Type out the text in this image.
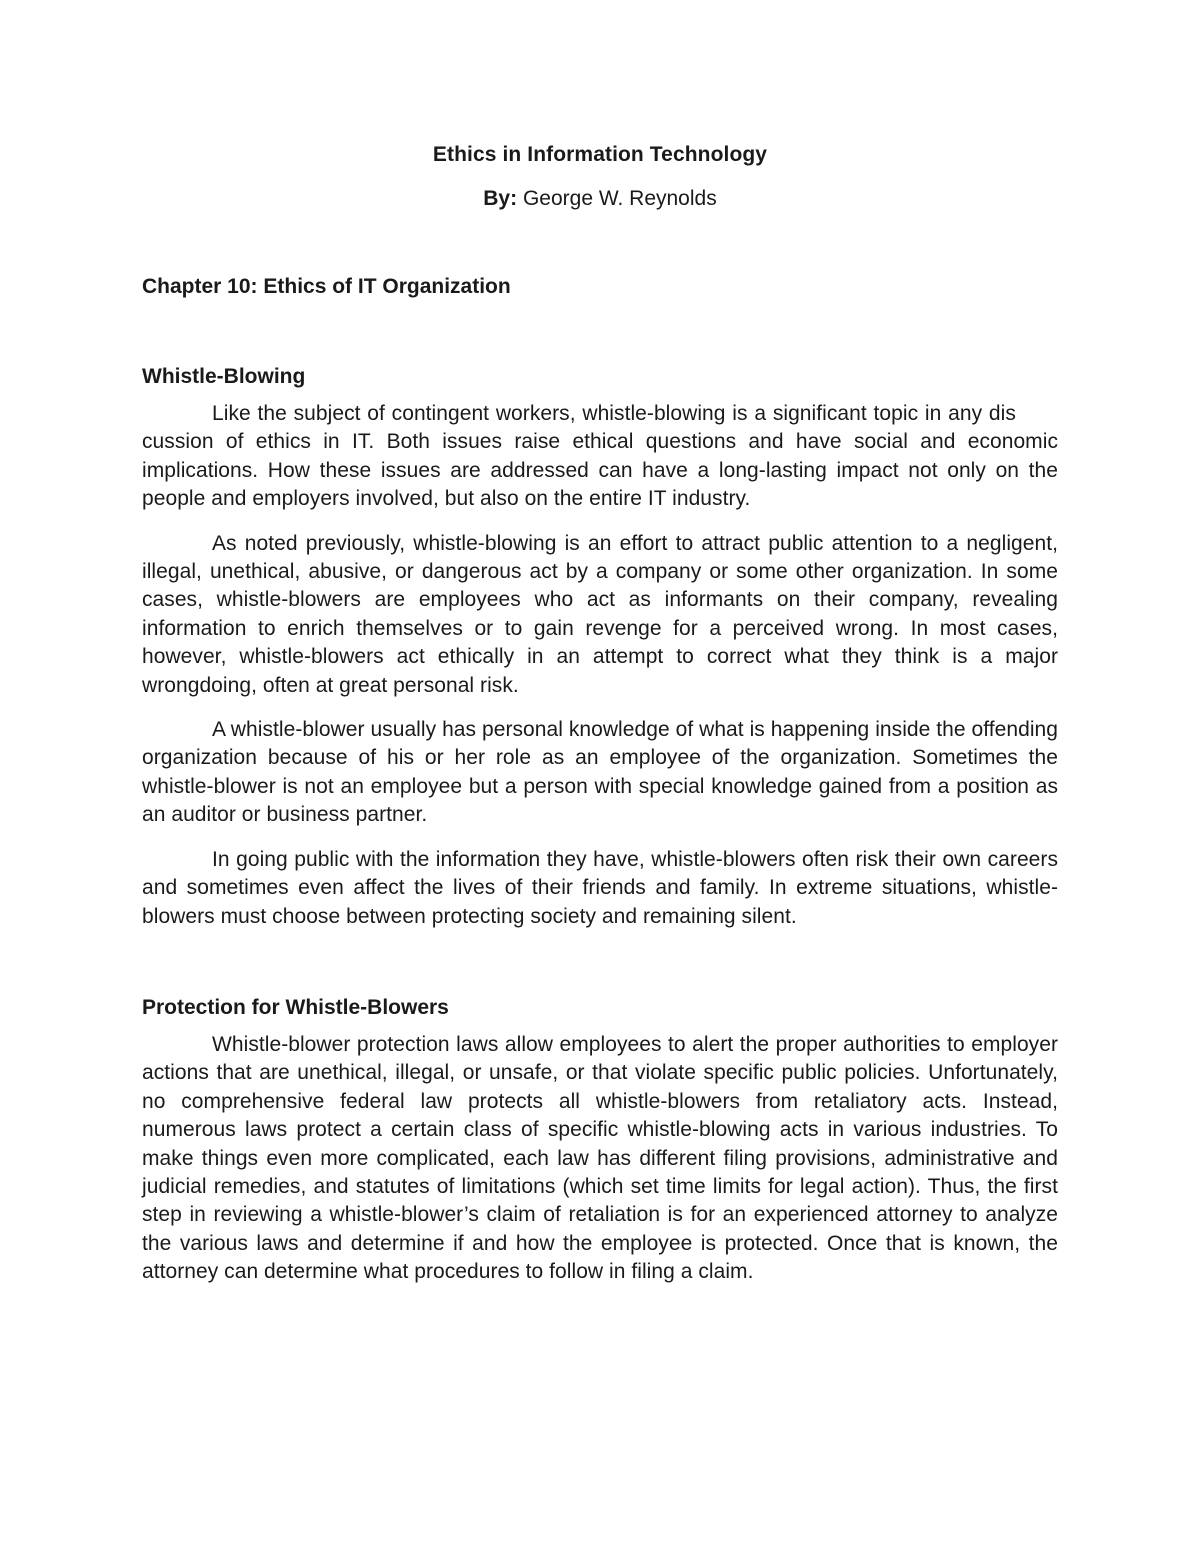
Ethics in Information Technology

By: George W. Reynolds

Chapter 10: Ethics of IT Organization
Whistle-Blowing

Like the subject of contingent workers, whistle-blowing is a significant topic in any dis  cussion of ethics in IT. Both issues raise ethical questions and have social and economic implications. How these issues are addressed can have a long-lasting impact not only on the people and employers involved, but also on the entire IT industry.

As noted previously, whistle-blowing is an effort to attract public attention to a negligent, illegal, unethical, abusive, or dangerous act by a company or some other organization. In some cases, whistle-blowers are employees who act as informants on their company, revealing information to enrich themselves or to gain revenge for a perceived wrong. In most cases, however, whistle-blowers act ethically in an attempt to correct what they think is a major wrongdoing, often at great personal risk.

A whistle-blower usually has personal knowledge of what is happening inside the offending organization because of his or her role as an employee of the organization. Sometimes the whistle-blower is not an employee but a person with special knowledge gained from a position as an auditor or business partner.

In going public with the information they have, whistle-blowers often risk their own careers and sometimes even affect the lives of their friends and family. In extreme situations, whistle-blowers must choose between protecting society and remaining silent.

Protection for Whistle-Blowers

Whistle-blower protection laws allow employees to alert the proper authorities to employer actions that are unethical, illegal, or unsafe, or that violate specific public policies. Unfortunately, no comprehensive federal law protects all whistle-blowers from retaliatory acts. Instead, numerous laws protect a certain class of specific whistle-blowing acts in various industries. To make things even more complicated, each law has different filing provisions, administrative and judicial remedies, and statutes of limitations (which set time limits for legal action). Thus, the first step in reviewing a whistle-blower’s claim of retaliation is for an experienced attorney to analyze the various laws and determine if and how the employee is protected. Once that is known, the attorney can determine what procedures to follow in filing a claim.
